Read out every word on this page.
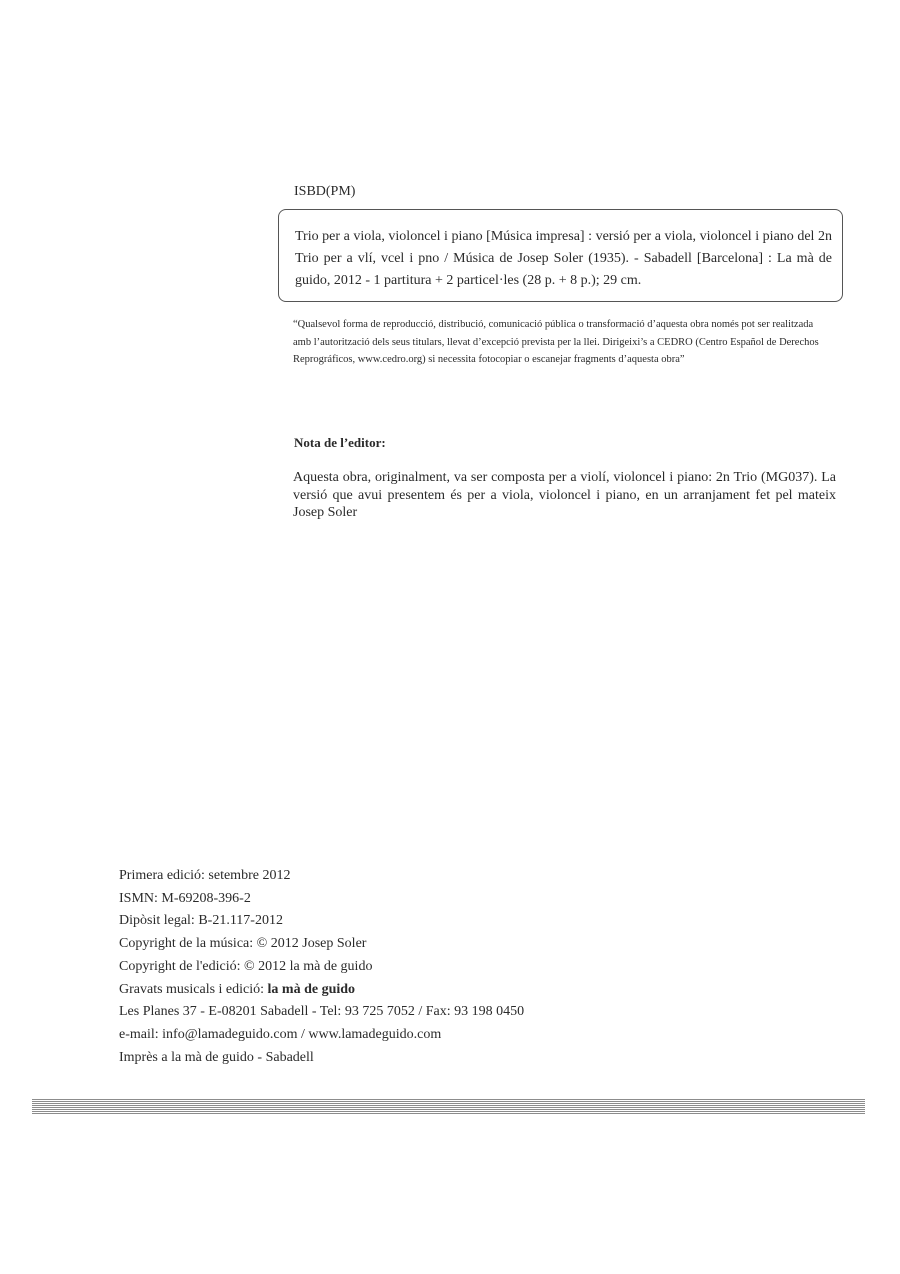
ISBD(PM)
Trio per a viola, violoncel i piano [Música impresa] : versió per a viola, violoncel i piano del 2n Trio per a vlí, vcel i pno / Música de Josep Soler (1935). - Sabadell [Barcelona] : La mà de guido, 2012 - 1 partitura + 2 particel·les (28 p. + 8 p.); 29 cm.
“Qualsevol forma de reproducció, distribució, comunicació pública o transformació d’aquesta obra només pot ser realitzada amb l’autorització dels seus titulars, llevat d’excepció prevista per la llei. Dirigeixi’s a CEDRO (Centro Español de Derechos Reprográficos, www.cedro.org) si necessita fotocopiar o escanejar fragments d’aquesta obra”
Nota de l’editor:
Aquesta obra, originalment, va ser composta per a violí, violoncel i piano: 2n Trio (MG037). La versió que avui presentem és per a viola, violoncel i piano, en un arranjament fet pel mateix Josep Soler
Primera edició: setembre 2012
ISMN: M-69208-396-2
Dipòsit legal: B-21.117-2012
Copyright de la música: © 2012 Josep Soler
Copyright de l'edició: © 2012 la mà de guido
Gravats musicals i edició: la mà de guido
Les Planes 37 - E-08201 Sabadell - Tel: 93 725 7052 / Fax: 93 198 0450
e-mail: info@lamadeguido.com / www.lamadeguido.com
Imprès a la mà de guido - Sabadell
